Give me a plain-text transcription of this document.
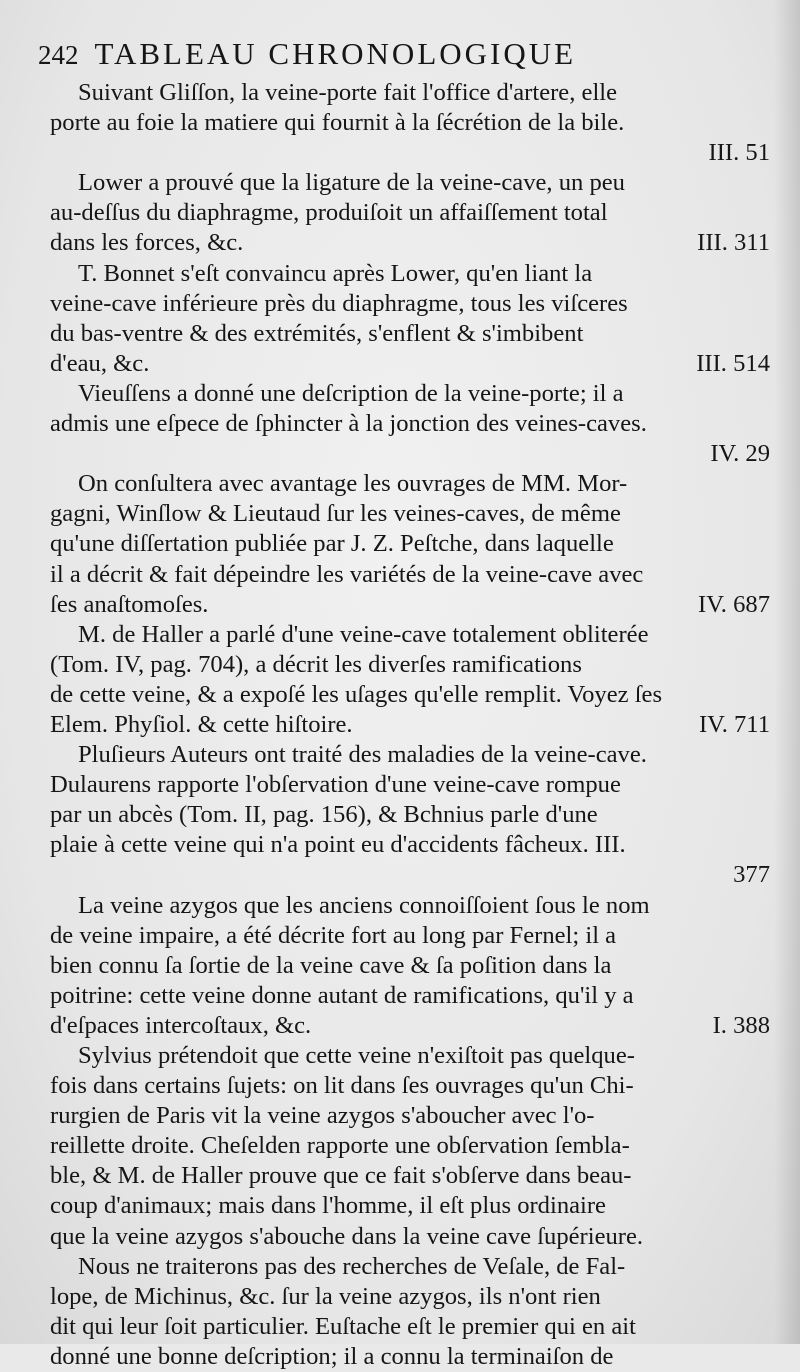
242 TABLEAU CHRONOLOGIQUE
Suivant Gliſſon, la veine-porte fait l'office d'artere, elle
porte au foie la matiere qui fournit à la ſécrétion de la bile.
III. 51
Lower a prouvé que la ligature de la veine-cave, un peu
au-deſſus du diaphragme, produiſoit un affaiſſement total
dans les forces, &c.	III. 311
T. Bonnet s'eſt convaincu après Lower, qu'en liant la
veine-cave inférieure près du diaphragme, tous les viſceres
du bas-ventre & des extrémités, s'enflent & s'imbibent
d'eau, &c.	III. 514
Vieuſſens a donné une deſcription de la veine-porte; il a
admis une eſpece de ſphincter à la jonction des veines-caves.
IV. 29
On conſultera avec avantage les ouvrages de MM. Mor-
gagni, Winſlow & Lieutaud ſur les veines-caves, de même
qu'une diſſertation publiée par J. Z. Peſtche, dans laquelle
il a décrit & fait dépeindre les variétés de la veine-cave avec
ſes anaſtomoſes.	IV. 687
M. de Haller a parlé d'une veine-cave totalement obliterée
(Tom. IV, pag. 704), a décrit les diverſes ramifications
de cette veine, & a expoſé les uſages qu'elle remplit. Voyez ſes
Elem. Phyſiol. & cette hiſtoire.	IV. 711
Pluſieurs Auteurs ont traité des maladies de la veine-cave.
Dulaurens rapporte l'obſervation d'une veine-cave rompue
par un abcès (Tom. II, pag. 156), & Bchnius parle d'une
plaie à cette veine qui n'a point eu d'accidents fâcheux. III.
377
La veine azygos que les anciens connoiſſoient ſous le nom
de veine impaire, a été décrite fort au long par Fernel; il a
bien connu ſa ſortie de la veine cave & ſa poſition dans la
poitrine: cette veine donne autant de ramifications, qu'il y a
d'eſpaces intercoſtaux, &c.	I. 388
Sylvius prétendoit que cette veine n'exiſtoit pas quelque-
fois dans certains ſujets: on lit dans ſes ouvrages qu'un Chi-
rurgien de Paris vit la veine azygos s'aboucher avec l'o-
reillette droite. Cheſelden rapporte une obſervation ſembla-
ble, & M. de Haller prouve que ce fait s'obſerve dans beau-
coup d'animaux; mais dans l'homme, il eſt plus ordinaire
que la veine azygos s'abouche dans la veine cave ſupérieure.
Nous ne traiterons pas des recherches de Veſale, de Fal-
lope, de Michinus, &c. ſur la veine azygos, ils n'ont rien
dit qui leur ſoit particulier. Euſtache eſt le premier qui en ait
donné une bonne deſcription; il a connu la terminaiſon de
